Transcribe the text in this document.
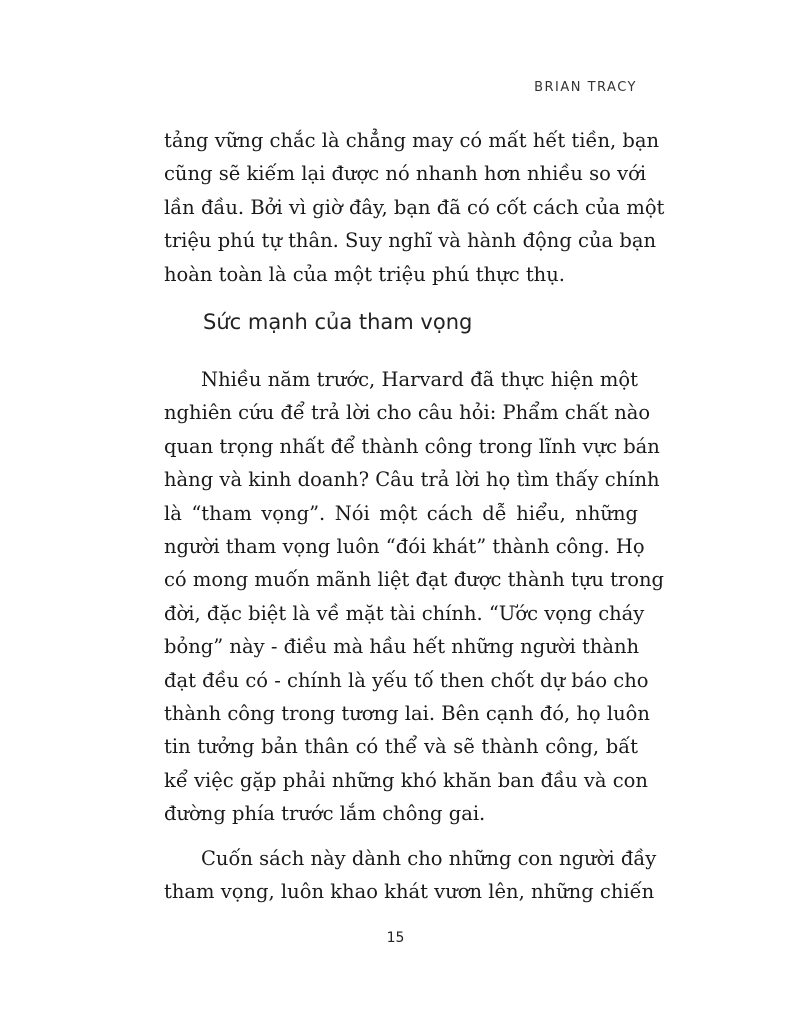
BRIAN TRACY
tảng vững chắc là chẳng may có mất hết tiền, bạn
cũng sẽ kiếm lại được nó nhanh hơn nhiều so với
lần đầu. Bởi vì giờ đây, bạn đã có cốt cách của một
triệu phú tự thân. Suy nghĩ và hành động của bạn
hoàn toàn là của một triệu phú thực thụ.
Sức mạnh của tham vọng
Nhiều năm trước, Harvard đã thực hiện một
nghiên cứu để trả lời cho câu hỏi: Phẩm chất nào
quan trọng nhất để thành công trong lĩnh vực bán
hàng và kinh doanh? Câu trả lời họ tìm thấy chính
là “tham vọng”. Nói một cách dễ hiểu, những
người tham vọng luôn “đói khát” thành công. Họ
có mong muốn mãnh liệt đạt được thành tựu trong
đời, đặc biệt là về mặt tài chính. “Ước vọng cháy
bỏng” này - điều mà hầu hết những người thành
đạt đều có - chính là yếu tố then chốt dự báo cho
thành công trong tương lai. Bên cạnh đó, họ luôn
tin tưởng bản thân có thể và sẽ thành công, bất
kể việc gặp phải những khó khăn ban đầu và con
đường phía trước lắm chông gai.
Cuốn sách này dành cho những con người đầy
tham vọng, luôn khao khát vươn lên, những chiến
15
